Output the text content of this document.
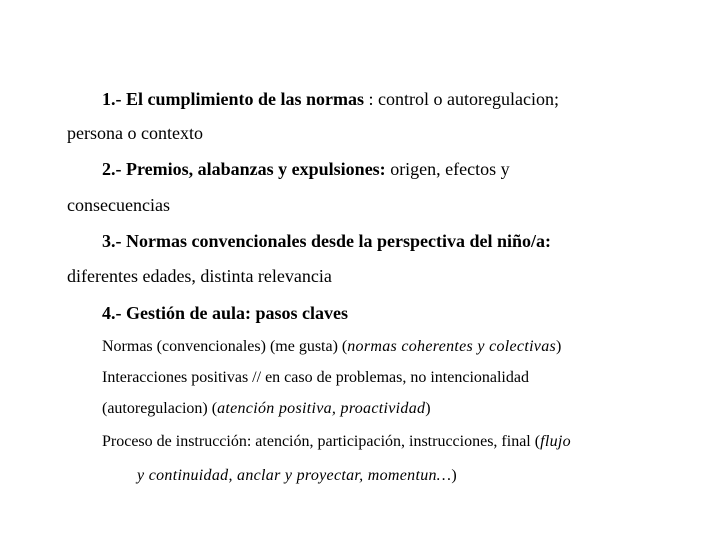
1.- El cumplimiento de las normas : control o autoregulacion;
persona o contexto
2.- Premios, alabanzas y expulsiones: origen, efectos y
consecuencias
3.- Normas convencionales desde la perspectiva del niño/a:
diferentes edades, distinta relevancia
4.- Gestión de aula: pasos claves
Normas (convencionales) (me gusta) (normas coherentes y colectivas)
Interacciones positivas // en caso de problemas, no intencionalidad
(autoregulacion) (atención positiva, proactividad)
Proceso de instrucción: atención, participación, instrucciones, final (flujo
y continuidad, anclar y proyectar, momentun…)
